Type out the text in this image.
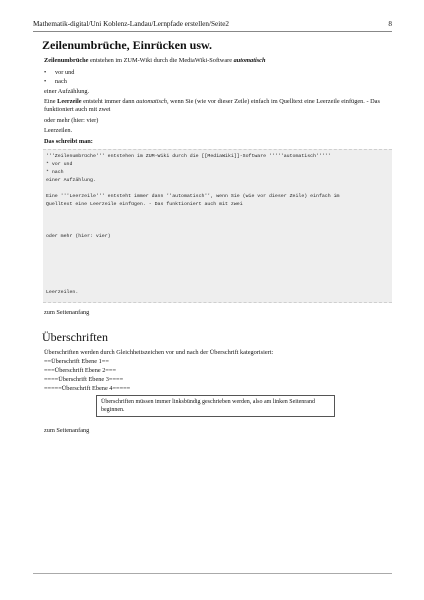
Mathematik-digital/Uni Koblenz-Landau/Lernpfade erstellen/Seite2	8
Zeilenumbrüche, Einrücken usw.

Zeilenumbrüche entstehen im ZUM-Wiki durch die MediaWiki-Software automatisch

• vor und
• nach

einer Aufzählung.

Eine Leerzeile entsteht immer dann automatisch, wenn Sie (wie vor dieser Zeile) einfach im Quelltext eine Leerzeile einfügen. - Das funktioniert auch mit zwei

oder mehr (hier: vier)

Leerzeilen.

Das schreibt man:

'''Zeilenumbrüche''' entstehen im ZUM-Wiki durch die [[MediaWiki]]-Software '''''automatisch'''''
* vor und
* nach
einer Aufzählung.
Eine '''Leerzeile''' entsteht immer dann ''automatisch'', wenn Sie (wie vor dieser Zeile) einfach im
Quelltext eine Leerzeile einfügen. - Das funktioniert auch mit zwei
oder mehr (hier: vier)
Leerzeilen.

zum Seitenanfang

Überschriften

Überschriften werden durch Gleichheitszeichen vor und nach der Überschrift kategorisiert:

==Überschrift Ebene 1==

===Überschrift Ebene 2===

====Überschrift Ebene 3====

=====Überschrift Ebene 4=====

Überschriften müssen immer linksbündig geschrieben werden, also am linken Seitenrand beginnen.

zum Seitenanfang
